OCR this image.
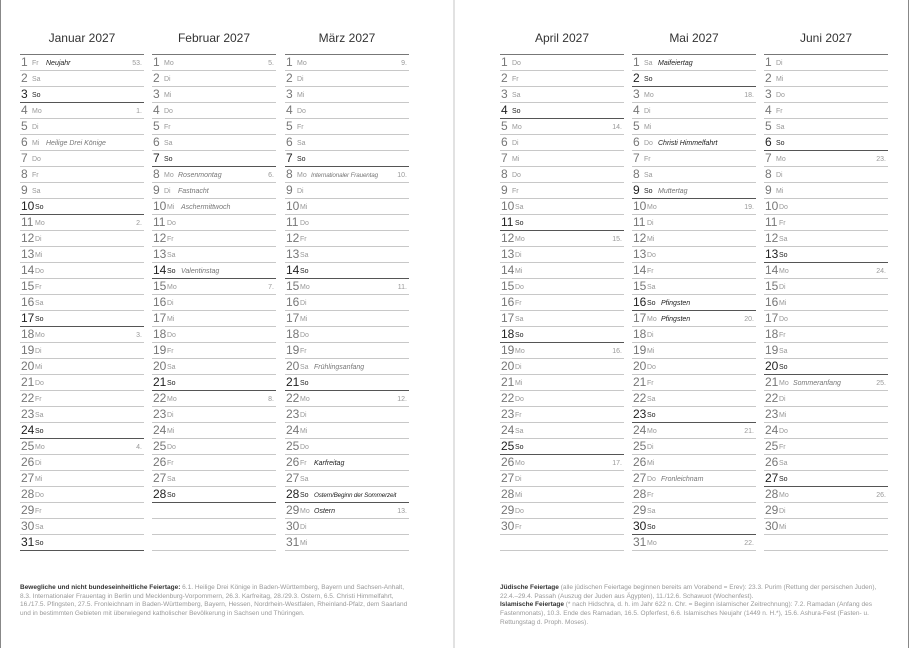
Januar 2027
1 Fr Neujahr	53.
2 Sa
3 So
4 Mo	1.
5 Di
6 Mi Heilige Drei Könige
7 Do
8 Fr
9 Sa
10 So
11 Mo	2.
12 Di
13 Mi
14 Do
15 Fr
16 Sa
17 So
18 Mo	3.
19 Di
20 Mi
21 Do
22 Fr
23 Sa
24 So
25 Mo	4.
26 Di
27 Mi
28 Do
29 Fr
30 Sa
31 So
Februar 2027
1 Mo	5.
2 Di
3 Mi
4 Do
5 Fr
6 Sa
7 So
8 Mo Rosenmontag	6.
9 Di Fastnacht
10 Mi Aschermittwoch
11 Do
12 Fr
13 Sa
14 So Valentinstag
15 Mo	7.
16 Di
17 Mi
18 Do
19 Fr
20 Sa
21 So
22 Mo	8.
23 Di
24 Mi
25 Do
26 Fr
27 Sa
28 So
März 2027
1 Mo	9.
2 Di
3 Mi
4 Do
5 Fr
6 Sa
7 So
8 Mo Internationaler Frauentag	10.
9 Di
10 Mi
11 Do
12 Fr
13 Sa
14 So
15 Mo	11.
16 Di
17 Mi
18 Do
19 Fr
20 Sa Frühlingsanfang
21 So
22 Mo	12.
23 Di
24 Mi
25 Do
26 Fr Karfreitag
27 Sa
28 So Ostern/Beginn der Sommerzeit
29 Mo Ostern	13.
30 Di
31 Mi
April 2027
1 Do
2 Fr
3 Sa
4 So
5 Mo	14.
6 Di
7 Mi
8 Do
9 Fr
10 Sa
11 So
12 Mo	15.
13 Di
14 Mi
15 Do
16 Fr
17 Sa
18 So
19 Mo	16.
20 Di
21 Mi
22 Do
23 Fr
24 Sa
25 So
26 Mo	17.
27 Di
28 Mi
29 Do
30 Fr
Mai 2027
1 Sa Maifeiertag
2 So
3 Mo	18.
4 Di
5 Mi
6 Do Christi Himmelfahrt
7 Fr
8 Sa
9 So Muttertag
10 Mo	19.
11 Di
12 Mi
13 Do
14 Fr
15 Sa
16 So Pfingsten
17 Mo Pfingsten	20.
18 Di
19 Mi
20 Do
21 Fr
22 Sa
23 So
24 Mo	21.
25 Di
26 Mi
27 Do Fronleichnam
28 Fr
29 Sa
30 So
31 Mo	22.
Juni 2027
1 Di
2 Mi
3 Do
4 Fr
5 Sa
6 So
7 Mo	23.
8 Di
9 Mi
10 Do
11 Fr
12 Sa
13 So
14 Mo	24.
15 Di
16 Mi
17 Do
18 Fr
19 Sa
20 So
21 Mo Sommeranfang	25.
22 Di
23 Mi
24 Do
25 Fr
26 Sa
27 So
28 Mo	26.
29 Di
30 Mi
Bewegliche und nicht bundeseinheitliche Feiertage: 6.1. Heilige Drei Könige in Baden-Württemberg, Bayern und Sachsen-Anhalt, 8.3. Internationaler Frauentag in Berlin und Mecklenburg-Vorpommern, 26.3. Karfreitag, 28./29.3. Ostern, 6.5. Christi Himmelfahrt, 16./17.5. Pfingsten, 27.5. Fronleichnam in Baden-Württemberg, Bayern, Hessen, Nordrhein-Westfalen, Rheinland-Pfalz, dem Saarland und in bestimmten Gebieten mit überwiegend katholischer Bevölkerung in Sachsen und Thüringen.
Jüdische Feiertage (alle jüdischen Feiertage beginnen bereits am Vorabend = Erev): 23.3. Purim (Rettung der persischen Juden), 22.4.–29.4. Passah (Auszug der Juden aus Ägypten), 11./12.6. Schawuot (Wochenfest).
Islamische Feiertage (* nach Hidschra, d. h. im Jahr 622 n. Chr. = Beginn islamischer Zeitrechnung): 7.2. Ramadan (Anfang des Fastenmonats), 10.3. Ende des Ramadan, 16.5. Opferfest, 6.6. Islamisches Neujahr (1449 n. H.*), 15.6. Ashura-Fest (Fasten- u. Rettungstag d. Proph. Moses).
